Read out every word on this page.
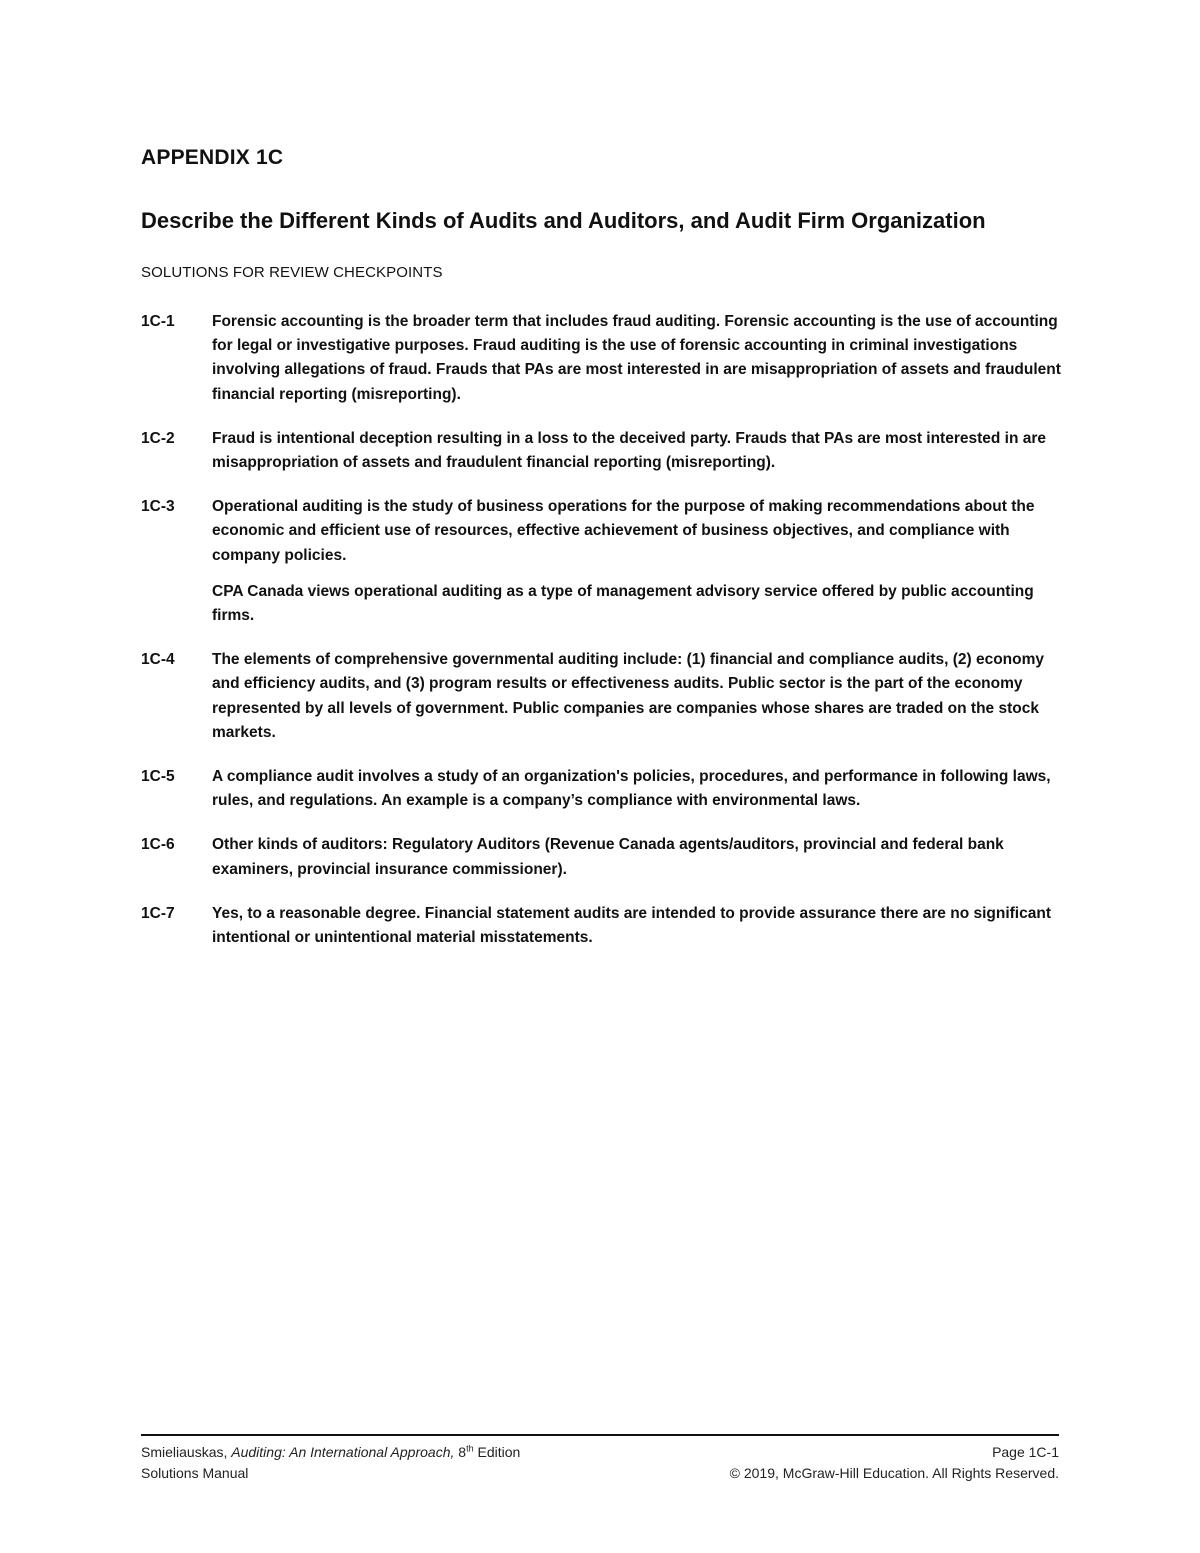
APPENDIX 1C
Describe the Different Kinds of Audits and Auditors, and Audit Firm Organization
SOLUTIONS FOR REVIEW CHECKPOINTS
1C-1	Forensic accounting is the broader term that includes fraud auditing. Forensic accounting is the use of accounting for legal or investigative purposes. Fraud auditing is the use of forensic accounting in criminal investigations involving allegations of fraud. Frauds that PAs are most interested in are misappropriation of assets and fraudulent financial reporting (misreporting).

1C-2	Fraud is intentional deception resulting in a loss to the deceived party. Frauds that PAs are most interested in are misappropriation of assets and fraudulent financial reporting (misreporting).

1C-3	Operational auditing is the study of business operations for the purpose of making recommendations about the economic and efficient use of resources, effective achievement of business objectives, and compliance with company policies.

CPA Canada views operational auditing as a type of management advisory service offered by public accounting firms.

1C-4	The elements of comprehensive governmental auditing include: (1) financial and compliance audits, (2) economy and efficiency audits, and (3) program results or effectiveness audits. Public sector is the part of the economy represented by all levels of government. Public companies are companies whose shares are traded on the stock markets.

1C-5	A compliance audit involves a study of an organization's policies, procedures, and performance in following laws, rules, and regulations. An example is a company’s compliance with environmental laws.

1C-6	Other kinds of auditors: Regulatory Auditors (Revenue Canada agents/auditors, provincial and federal bank examiners, provincial insurance commissioner).

1C-7	Yes, to a reasonable degree. Financial statement audits are intended to provide assurance there are no significant intentional or unintentional material misstatements.

Smieliauskas, Auditing: An International Approach, 8th Edition
Solutions Manual
Page 1C-1
© 2019, McGraw-Hill Education. All Rights Reserved.
